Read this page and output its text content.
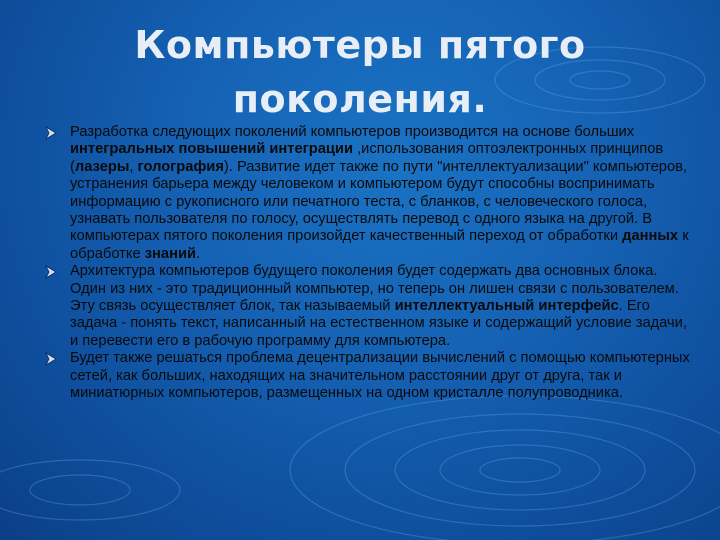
Компьютеры пятого
поколения.
Разработка следующих поколений компьютеров производится на основе больших интегральных повышений интеграции ,использования оптоэлектронных принципов (лазеры, голография). Развитие идет также по пути "интеллектуализации" компьютеров, устранения барьера между человеком и компьютером будут способны воспринимать информацию с рукописного или печатного теста, с бланков, с человеческого голоса, узнавать пользователя по голосу, осуществлять перевод с одного языка на другой. В компьютерах пятого поколения произойдет качественный переход от обработки данных к обработке знаний.
Архитектура компьютеров будущего поколения будет содержать два основных блока. Один из них - это традиционный компьютер, но теперь он лишен связи с пользователем. Эту связь осуществляет блок, так называемый интеллектуальный интерфейс. Его задача - понять текст, написанный на естественном языке и содержащий условие задачи, и перевести его в рабочую программу для компьютера.
Будет также решаться проблема децентрализации вычислений с помощью компьютерных сетей, как больших, находящих на значительном расстоянии друг от друга, так и миниатюрных компьютеров, размещенных на одном кристалле полупроводника.
